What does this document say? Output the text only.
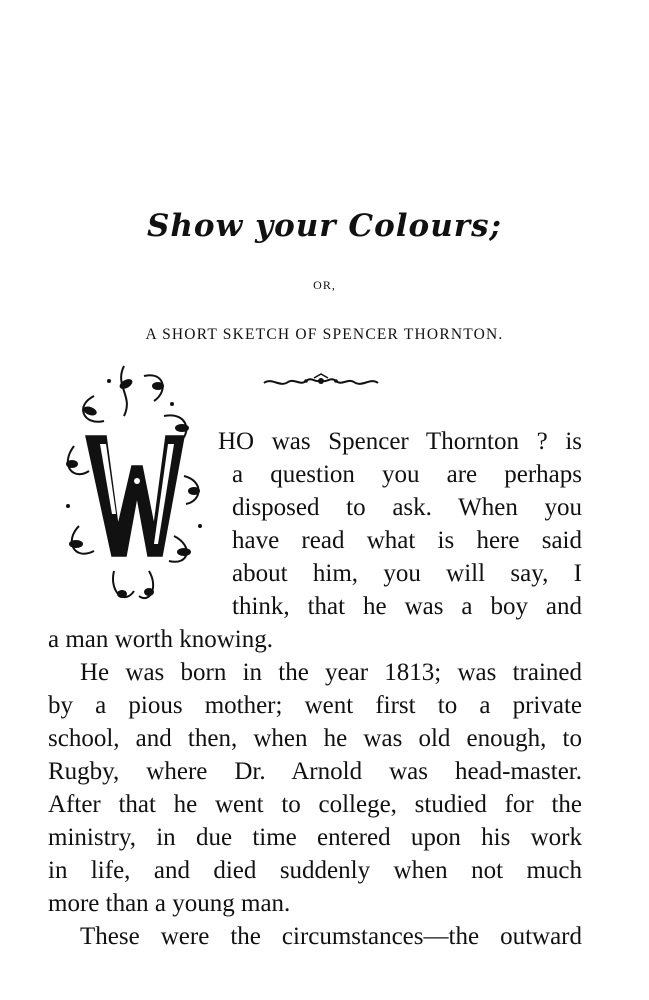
Show your Colours;
OR,
A SHORT SKETCH OF SPENCER THORNTON.
HO was Spencer Thornton ? is
a question you are perhaps
disposed to ask. When you
have read what is here said
about him, you will say, I
think, that he was a boy and
a man worth knowing.
He was born in the year 1813; was trained
by a pious mother; went first to a private
school, and then, when he was old enough, to
Rugby, where Dr. Arnold was head-master.
After that he went to college, studied for the
ministry, in due time entered upon his work
in life, and died suddenly when not much
more than a young man.
These were the circumstances—the outward
